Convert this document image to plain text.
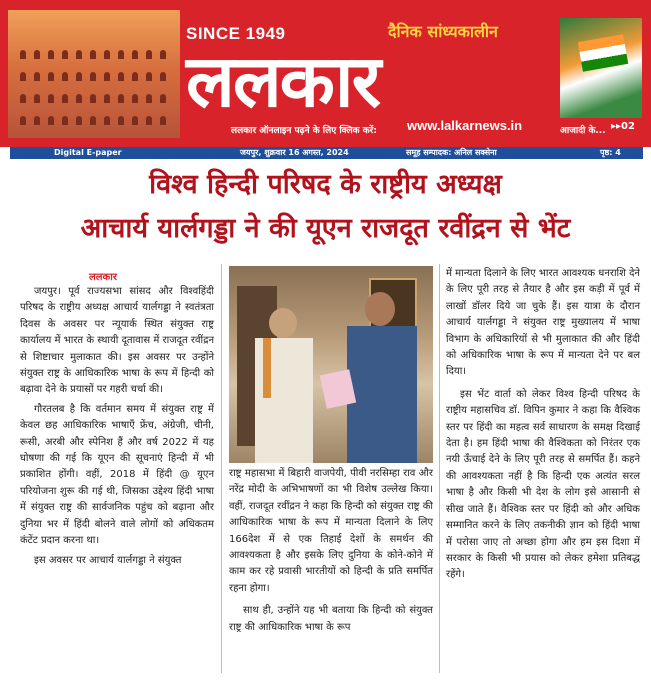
SINCE 1949	दैनिक सांध्यकालीन
ललकार
ललकार ऑनलाइन पढ़ने के लिए क्लिक करें: www.lalkarnews.in	आजादी के... ▸▸02
Digital E-paper	जयपुर, शुक्रवार 16 अगस्त, 2024	समूह सम्पादक: अनिल सक्सेना	पृष्ठ: 4
विश्व हिन्दी परिषद के राष्ट्रीय अध्यक्ष
आचार्य यार्लगड्डा ने की यूएन राजदूत रवींद्रन से भेंट
ललकार

जयपुर। पूर्व राज्यसभा सांसद और विश्वहिंदी परिषद के राष्ट्रीय अध्यक्ष आचार्य यार्लगड्डा ने स्वतंत्रता दिवस के अवसर पर न्यूयार्क स्थित संयुक्त राष्ट्र कार्यालय में भारत के स्थायी दूतावास में राजदूत रवींद्रन से शिष्टाचार मुलाकात की। इस अवसर पर उन्होंने संयुक्त राष्ट्र के आधिकारिक भाषा के रूप में हिन्दी को बढ़ावा देने के प्रयासों पर गहरी चर्चा की।

गौरतलब है कि वर्तमान समय में संयुक्त राष्ट्र में केवल छह आधिकारिक भाषाएँ फ्रेंच, अंग्रेजी, चीनी, रूसी, अरबी और स्पेनिश हैं और वर्ष 2022 में यह घोषणा की गई कि यूएन की सूचनाएं हिन्दी में भी प्रकाशित होंगी। वहीं, 2018 में हिंदी @ यूएन परियोजना शुरू की गई थी, जिसका उद्देश्य हिंदी भाषा में संयुक्त राष्ट्र की सार्वजनिक पहुंच को बढ़ाना और दुनिया भर में हिंदी बोलने वाले लोगों को अधिकतम कंटेंट प्रदान करना था।

इस अवसर पर आचार्य यार्लगड्डा ने संयुक्त

राष्ट्र महासभा में बिहारी वाजपेयी, पीवी नरसिम्हा राव और नरेंद्र मोदी के अभिभाषणों का भी विशेष उल्लेख किया। वहीं, राजदूत रवींद्रन ने कहा कि हिन्दी को संयुक्त राष्ट्र की आधिकारिक भाषा के रूप में मान्यता दिलाने के लिए 166देश में से एक तिहाई देशों के समर्थन की आवश्यकता है और इसके लिए दुनिया के कोने-कोने में काम कर रहे प्रवासी भारतीयों को हिन्दी के प्रति समर्पित रहना होगा।

साथ ही, उन्होंने यह भी बताया कि हिन्दी को संयुक्त राष्ट्र की आधिकारिक भाषा के रूप

में मान्यता दिलाने के लिए भारत आवश्यक धनराशि देने के लिए पूरी तरह से तैयार है और इस कड़ी में पूर्व में लाखों डॉलर दिये जा चुके हैं। इस यात्रा के दौरान आचार्य यार्लगड्डा ने संयुक्त राष्ट्र मुख्यालय में भाषा विभाग के अधिकारियों से भी मुलाकात की और हिंदी को अधिकारिक भाषा के रूप में मान्यता देने पर बल दिया।

इस भेंट वार्ता को लेकर विश्व हिन्दी परिषद के राष्ट्रीय महासचिव डॉ. विपिन कुमार ने कहा कि वैश्विक स्तर पर हिंदी का महत्व सर्व साधारण के समक्ष दिखाई देता है। हम हिंदी भाषा की वैश्विकता को निरंतर एक नयी ऊँचाई देने के लिए पूरी तरह से समर्पित हैं। कहने की आवश्यकता नहीं है कि हिन्दी एक अत्यंत सरल भाषा है और किसी भी देश के लोग इसे आसानी से सीख जाते हैं। वैश्विक स्तर पर हिंदी को और अधिक सम्मानित करने के लिए तकनीकी ज्ञान को हिंदी भाषा में परोसा जाए तो अच्छा होगा और हम इस दिशा में सरकार के किसी भी प्रयास को लेकर हमेशा प्रतिबद्ध रहेंगे।
